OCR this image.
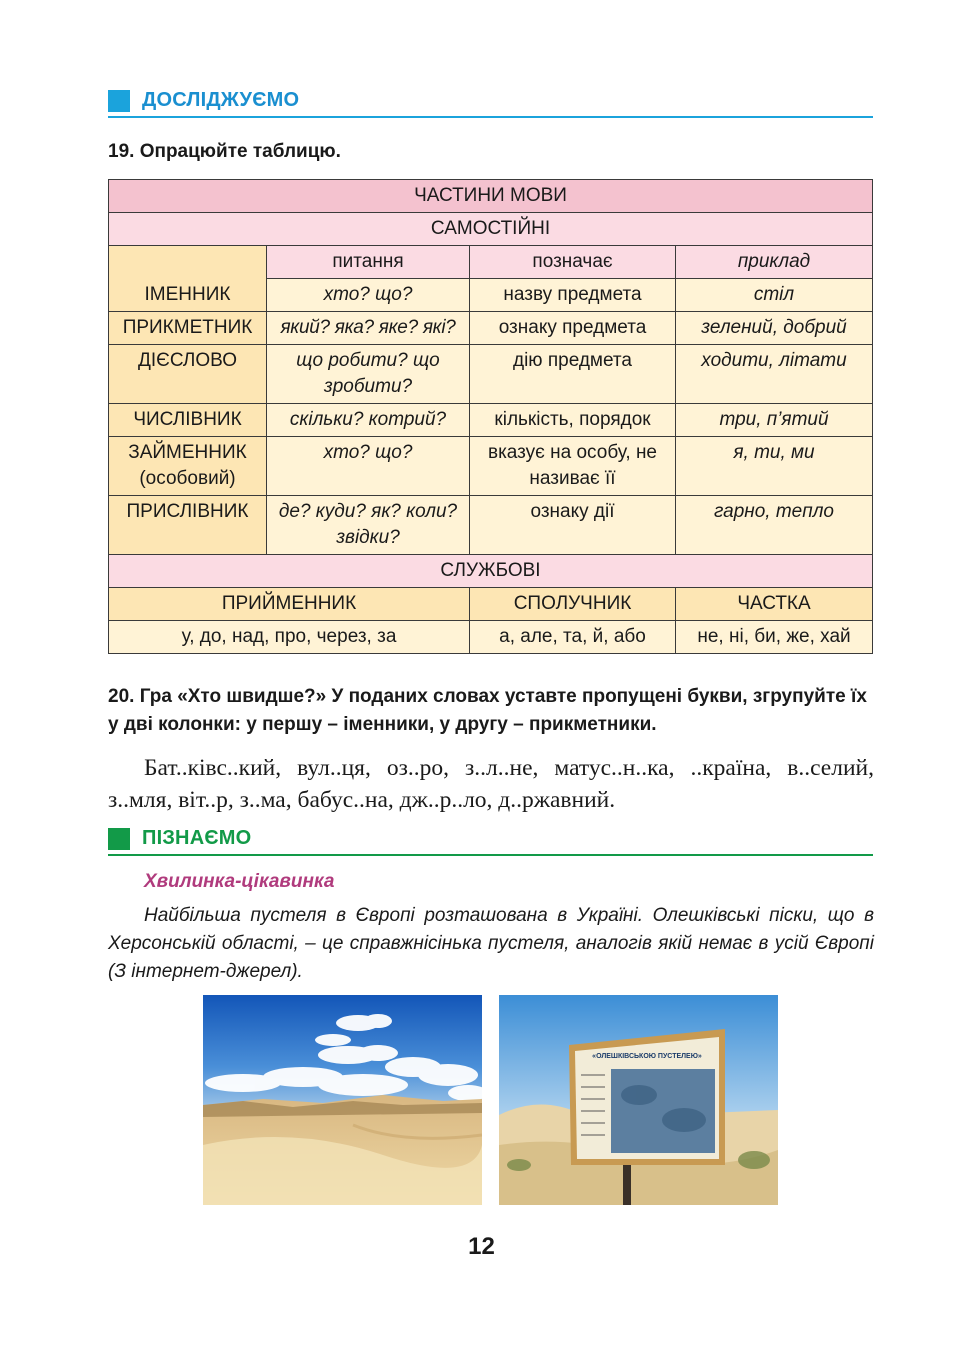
ДОСЛІДЖУЄМО
19. Опрацюйте таблицю.
ЧАСТИНИ МОВИ			
САМОСТІЙНІ			
ІМЕННИК	питання	позначає	приклад
	хто? що?	назву предмета	стіл
ПРИКМЕТНИК	який? яка? яке? які?	ознаку предмета	зелений, добрий
ДІЄСЛОВО	що робити? що зробити?	дію предмета	ходити, літати
ЧИСЛІВНИК	скільки? котрий?	кількість, порядок	три, п’ятий
ЗАЙМЕННИК (особовий)	хто? що?	вказує на особу, не називає її	я, ти, ми
ПРИСЛІВНИК	де? куди? як? коли? звідки?	ознаку дії	гарно, тепло
СЛУЖБОВІ			
ПРИЙМЕННИК		СПОЛУЧНИК	ЧАСТКА
у, до, над, про, через, за		а, але, та, й, або	не, ні, би, же, хай
20. Гра «Хто швидше?» У поданих словах уставте пропущені букви, згрупуйте їх у дві колонки: у першу – іменники, у другу – прикметники.
Бат..ківс..кий, вул..ця, оз..ро, з..л..не, матус..н..ка, ..країна, в..селий, з..мля, віт..р, з..ма, бабус..на, дж..р..ло, д..ржавний.
ПІЗНАЄМО
Хвилинка-цікавинка
Найбільша пустеля в Європі розташована в Україні. Олешківські піски, що в Херсонській області, – це справжнісінька пустеля, аналогів якій немає в усій Європі (З інтернет-джерел).
«ОЛЕШКІВСЬКОЮ ПУСТЕЛЕЮ»
12
